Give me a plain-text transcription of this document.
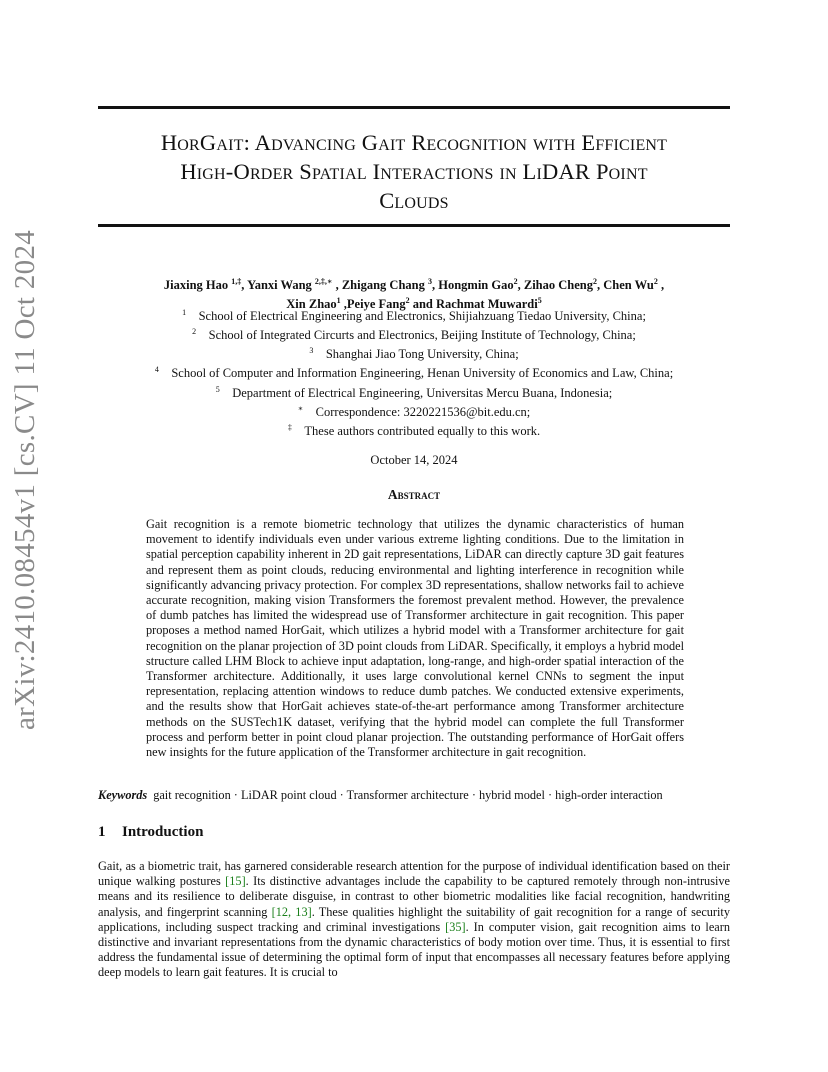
arXiv:2410.08454v1 [cs.CV] 11 Oct 2024
HorGait: Advancing Gait Recognition with Efficient
High-Order Spatial Interactions in LiDAR Point
Clouds
Jiaxing Hao $^{1,\ddagger}$, Yanxi Wang $^{2,\ddagger,∗}$ , Zhigang Chang $^3$, Hongmin Gao$^2$, Zihao Cheng$^2$, Chen Wu$^2$ ,
Xin Zhao$^1$ ,Peiye Fang$^2$ and Rachmat Muwardi$^5$
$^1$ School of Electrical Engineering and Electronics, Shijiahzuang Tiedao University, China;
$^2$ School of Integrated Circurts and Electronics, Beijing Institute of Technology, China;
$^3$ Shanghai Jiao Tong University, China;
$^4$ School of Computer and Information Engineering, Henan University of Economics and Law, China;
$^5$ Department of Electrical Engineering, Universitas Mercu Buana, Indonesia;
∗ Correspondence: 3220221536@bit.edu.cn;
‡ These authors contributed equally to this work.
October 14, 2024
Abstract
Gait recognition is a remote biometric technology that utilizes the dynamic characteristics of human movement to identify individuals even under various extreme lighting conditions. Due to the limitation in spatial perception capability inherent in 2D gait representations, LiDAR can directly capture 3D gait features and represent them as point clouds, reducing environmental and lighting interference in recognition while significantly advancing privacy protection. For complex 3D representations, shallow networks fail to achieve accurate recognition, making vision Transformers the foremost prevalent method. However, the prevalence of dumb patches has limited the widespread use of Transformer architecture in gait recognition. This paper proposes a method named HorGait, which utilizes a hybrid model with a Transformer architecture for gait recognition on the planar projection of 3D point clouds from LiDAR. Specifically, it employs a hybrid model structure called LHM Block to achieve input adaptation, long-range, and high-order spatial interaction of the Transformer architecture. Additionally, it uses large convolutional kernel CNNs to segment the input representation, replacing attention windows to reduce dumb patches. We conducted extensive experiments, and the results show that HorGait achieves state-of-the-art performance among Transformer architecture methods on the SUSTech1K dataset, verifying that the hybrid model can complete the full Transformer process and perform better in point cloud planar projection. The outstanding performance of HorGait offers new insights for the future application of the Transformer architecture in gait recognition.
Keywords gait recognition · LiDAR point cloud · Transformer architecture · hybrid model · high-order interaction
1 Introduction
Gait, as a biometric trait, has garnered considerable research attention for the purpose of individual identification based on their unique walking postures [15]. Its distinctive advantages include the capability to be captured remotely through non-intrusive means and its resilience to deliberate disguise, in contrast to other biometric modalities like facial recognition, handwriting analysis, and fingerprint scanning [12, 13]. These qualities highlight the suitability of gait recognition for a range of security applications, including suspect tracking and criminal investigations [35]. In computer vision, gait recognition aims to learn distinctive and invariant representations from the dynamic characteristics of body motion over time. Thus, it is essential to first address the fundamental issue of determining the optimal form of input that encompasses all necessary features before applying deep models to learn gait features. It is crucial to
